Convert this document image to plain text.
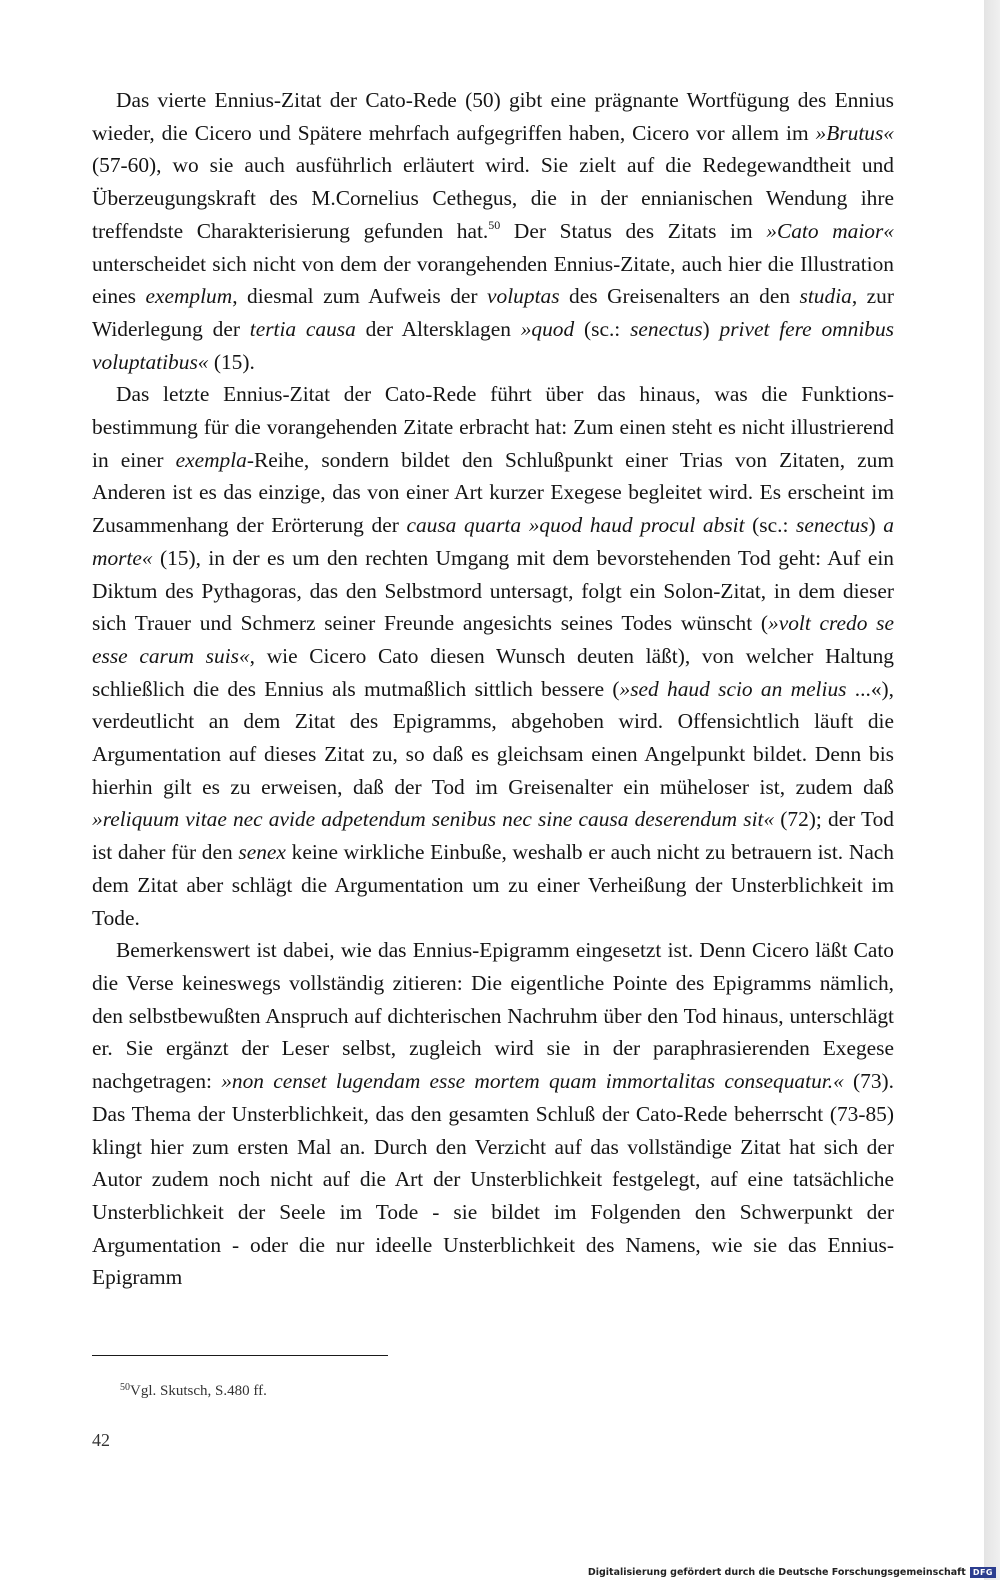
Das vierte Ennius-Zitat der Cato-Rede (50) gibt eine prägnante Wortfügung des Ennius wieder, die Cicero und Spätere mehrfach aufgegriffen haben, Cicero vor allem im »Brutus« (57-60), wo sie auch ausführlich erläutert wird. Sie zielt auf die Redegewandtheit und Überzeugungskraft des M.Cornelius Cethegus, die in der ennianischen Wendung ihre treffendste Charakterisierung gefunden hat.$^{50}$ Der Status des Zitats im »Cato maior« unterscheidet sich nicht von dem der vorangehenden Ennius-Zitate, auch hier die Illustration eines exemplum, diesmal zum Aufweis der voluptas des Greisenalters an den studia, zur Widerlegung der tertia causa der Altersklagen »quod (sc.: senectus) privet fere omnibus voluptatibus« (15).

Das letzte Ennius-Zitat der Cato-Rede führt über das hinaus, was die Funktionsbestimmung für die vorangehenden Zitate erbracht hat: Zum einen steht es nicht illustrierend in einer exempla-Reihe, sondern bildet den Schlußpunkt einer Trias von Zitaten, zum Anderen ist es das einzige, das von einer Art kurzer Exegese begleitet wird. Es erscheint im Zusammenhang der Erörterung der causa quarta »quod haud procul absit (sc.: senectus) a morte« (15), in der es um den rechten Umgang mit dem bevorstehenden Tod geht: Auf ein Diktum des Pythagoras, das den Selbstmord untersagt, folgt ein Solon-Zitat, in dem dieser sich Trauer und Schmerz seiner Freunde angesichts seines Todes wünscht (»volt credo se esse carum suis«, wie Cicero Cato diesen Wunsch deuten läßt), von welcher Haltung schließlich die des Ennius als mutmaßlich sittlich bessere (»sed haud scio an melius ...«), verdeutlicht an dem Zitat des Epigramms, abgehoben wird. Offensichtlich läuft die Argumentation auf dieses Zitat zu, so daß es gleichsam einen Angelpunkt bildet. Denn bis hierhin gilt es zu erweisen, daß der Tod im Greisenalter ein müheloser ist, zudem daß »reliquum vitae nec avide adpetendum senibus nec sine causa deserendum sit« (72); der Tod ist daher für den senex keine wirkliche Einbuße, weshalb er auch nicht zu betrauern ist. Nach dem Zitat aber schlägt die Argumentation um zu einer Verheißung der Unsterblichkeit im Tode.

Bemerkenswert ist dabei, wie das Ennius-Epigramm eingesetzt ist. Denn Cicero läßt Cato die Verse keineswegs vollständig zitieren: Die eigentliche Pointe des Epigramms nämlich, den selbstbewußten Anspruch auf dichterischen Nachruhm über den Tod hinaus, unterschlägt er. Sie ergänzt der Leser selbst, zugleich wird sie in der paraphrasierenden Exegese nachgetragen: »non censet lugendam esse mortem quam immortalitas consequatur.« (73). Das Thema der Unsterblichkeit, das den gesamten Schluß der Cato-Rede beherrscht (73-85) klingt hier zum ersten Mal an. Durch den Verzicht auf das vollständige Zitat hat sich der Autor zudem noch nicht auf die Art der Unsterblichkeit festgelegt, auf eine tatsächliche Unsterblichkeit der Seele im Tode - sie bildet im Folgenden den Schwerpunkt der Argumentation - oder die nur ideelle Unsterblichkeit des Namens, wie sie das Ennius-Epigramm

$^{50}$Vgl. Skutsch, S.480 ff.
42
Digitalisierung gefördert durch die Deutsche Forschungsgemeinschaft DFG
